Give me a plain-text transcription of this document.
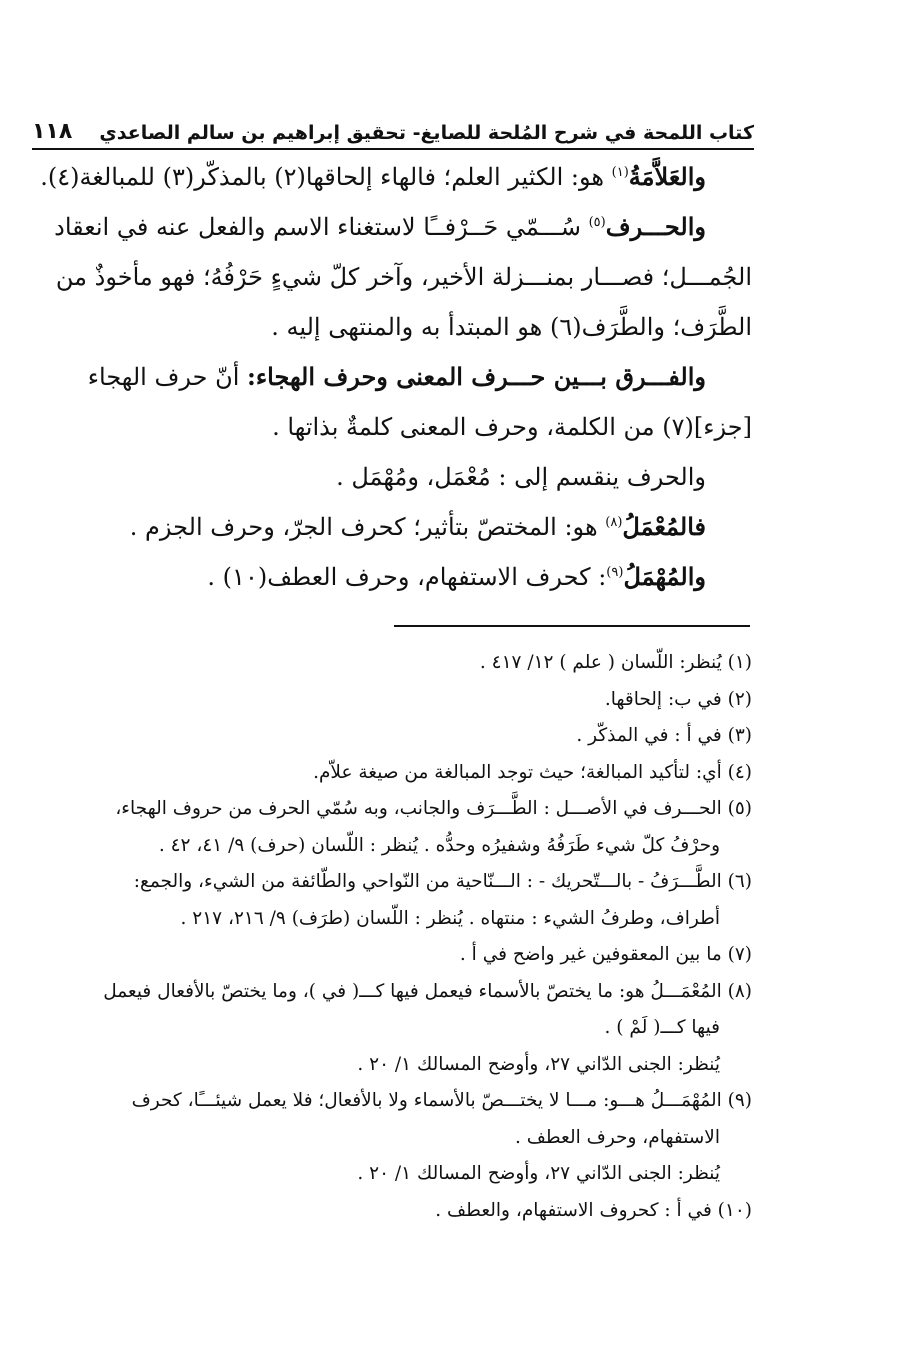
كتاب اللمحة في شرح المُلحة للصايغ- تحقيق إبراهيم بن سالم الصاعدي
١١٨

والعَلاَّمَةُ$^{(١)}$ هو: الكثير العلم؛ فالهاء إلحاقها(٢) بالمذكّر(٣) للمبالغة(٤).

والحـــرف$^{(٥)}$ سُـــمّي حَــرْفــًا لاستغناء الاسم والفعل عنه في انعقاد

الجُمـــل؛ فصـــار بمنـــزلة الأخير، وآخر كلّ شيءٍ حَرْفُهُ؛ فهو مأخوذٌ من

الطَّرَف؛ والطَّرَف(٦) هو المبتدأ به والمنتهى إليه .

والفـــرق بـــين حـــرف المعنى وحرف الهجاء: أنّ حرف الهجاء

[جزء](٧) من الكلمة، وحرف المعنى كلمةٌ بذاتها .

والحرف ينقسم إلى : مُعْمَل، ومُهْمَل .

فالمُعْمَلُ$^{(٨)}$ هو: المختصّ بتأثير؛ كحرف الجرّ، وحرف الجزم .

والمُهْمَلُ$^{(٩)}$: كحرف الاستفهام، وحرف العطف(١٠) .

(١) يُنظر: اللّسان ( علم ) ١٢/ ٤١٧ .

(٢) في ب: إلحاقها.

(٣) في أ : في المذكّر .

(٤) أي: لتأكيد المبالغة؛ حيث توجد المبالغة من صيغة علاّم.

(٥) الحـــرف في الأصـــل : الطَّـــرَف والجانب، وبه سُمّي الحرف من حروف الهجاء،

وحرْفُ كلّ شيء طَرَفُهُ وشفيرُه وحدُّه . يُنظر : اللّسان (حرف) ٩/ ٤١، ٤٢ .

(٦) الطَّـــرَفُ - بالـــتّحريك - : الـــنّاحية من النّواحي والطّائفة من الشيء، والجمع:

أطراف، وطرفُ الشيء : منتهاه . يُنظر : اللّسان (طرَف) ٩/ ٢١٦، ٢١٧ .

(٧) ما بين المعقوفين غير واضح في أ .

(٨) المُعْمَـــلُ هو: ما يختصّ بالأسماء فيعمل فيها كـــ( في )، وما يختصّ بالأفعال فيعمل

فيها كـــ( لَمْ ) .

يُنظر: الجنى الدّاني ٢٧، وأوضح المسالك ١/ ٢٠ .

(٩) المُهْمَـــلُ هـــو: مـــا لا يختـــصّ بالأسماء ولا بالأفعال؛ فلا يعمل شيئـــًا، كحرف

الاستفهام، وحرف العطف .

يُنظر: الجنى الدّاني ٢٧، وأوضح المسالك ١/ ٢٠ .

(١٠) في أ : كحروف الاستفهام، والعطف .
